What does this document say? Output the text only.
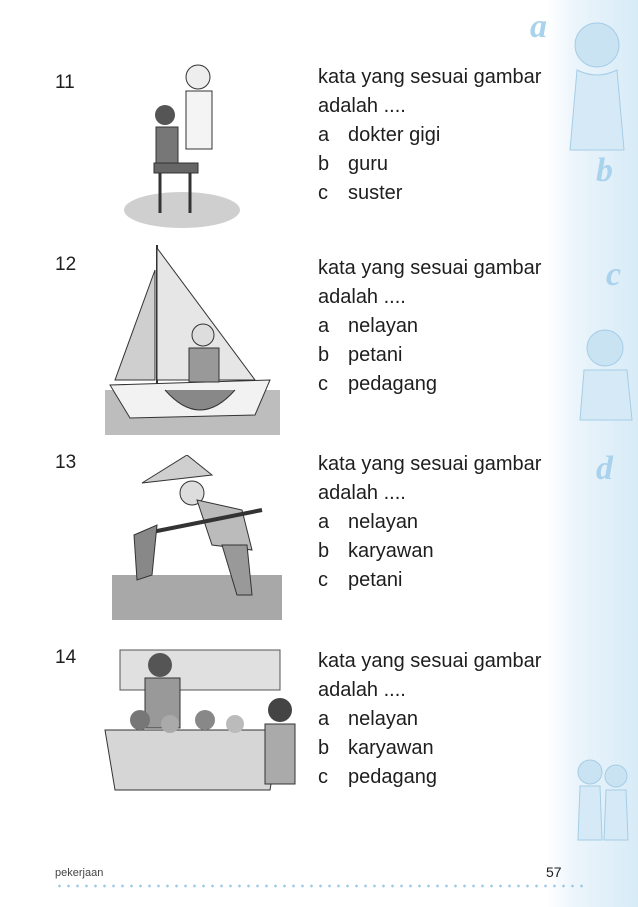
a
b
c
d
11	kata yang sesuai gambar
adalah ....
a dokter gigi
b guru
c	suster
12	kata yang sesuai gambar
adalah ....
a nelayan
b petani
c	pedagang
13	kata yang sesuai gambar
adalah ....
a nelayan
b karyawan
c	petani
14	kata yang sesuai gambar
adalah ....
a nelayan
b karyawan
c	pedagang
pekerjaan	57
